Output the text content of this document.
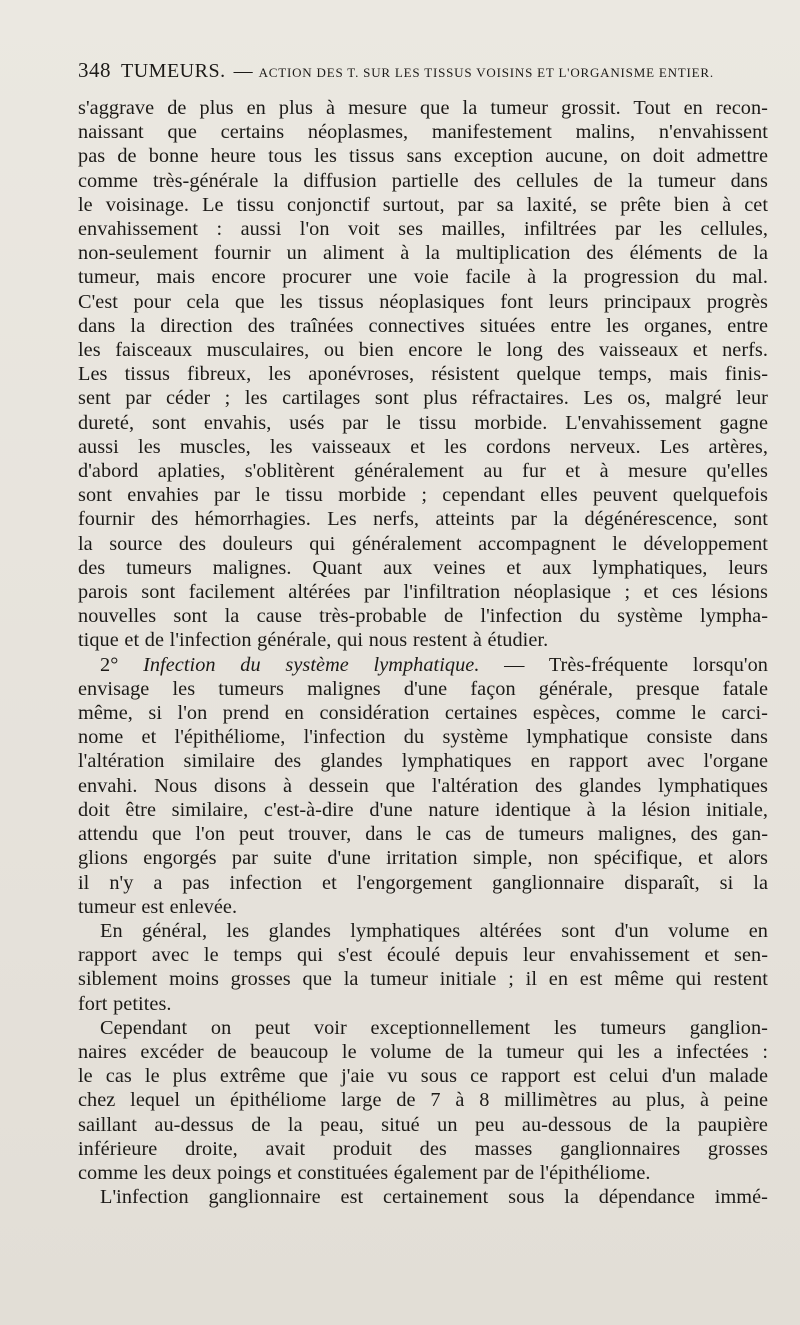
348 TUMEURS. — ACTION DES T. SUR LES TISSUS VOISINS ET L'ORGANISME ENTIER.
s'aggrave de plus en plus à mesure que la tumeur grossit. Tout en recon-
naissant que certains néoplasmes, manifestement malins, n'envahissent
pas de bonne heure tous les tissus sans exception aucune, on doit admettre
comme très-générale la diffusion partielle des cellules de la tumeur dans
le voisinage. Le tissu conjonctif surtout, par sa laxité, se prête bien à cet
envahissement : aussi l'on voit ses mailles, infiltrées par les cellules,
non-seulement fournir un aliment à la multiplication des éléments de la
tumeur, mais encore procurer une voie facile à la progression du mal.
C'est pour cela que les tissus néoplasiques font leurs principaux progrès
dans la direction des traînées connectives situées entre les organes, entre
les faisceaux musculaires, ou bien encore le long des vaisseaux et nerfs.
Les tissus fibreux, les aponévroses, résistent quelque temps, mais finis-
sent par céder ; les cartilages sont plus réfractaires. Les os, malgré leur
dureté, sont envahis, usés par le tissu morbide. L'envahissement gagne
aussi les muscles, les vaisseaux et les cordons nerveux. Les artères,
d'abord aplaties, s'oblitèrent généralement au fur et à mesure qu'elles
sont envahies par le tissu morbide ; cependant elles peuvent quelquefois
fournir des hémorrhagies. Les nerfs, atteints par la dégénérescence, sont
la source des douleurs qui généralement accompagnent le développement
des tumeurs malignes. Quant aux veines et aux lymphatiques, leurs
parois sont facilement altérées par l'infiltration néoplasique ; et ces lésions
nouvelles sont la cause très-probable de l'infection du système lympha-
tique et de l'infection générale, qui nous restent à étudier.
2° Infection du système lymphatique. — Très-fréquente lorsqu'on
envisage les tumeurs malignes d'une façon générale, presque fatale
même, si l'on prend en considération certaines espèces, comme le carci-
nome et l'épithéliome, l'infection du système lymphatique consiste dans
l'altération similaire des glandes lymphatiques en rapport avec l'organe
envahi. Nous disons à dessein que l'altération des glandes lymphatiques
doit être similaire, c'est-à-dire d'une nature identique à la lésion initiale,
attendu que l'on peut trouver, dans le cas de tumeurs malignes, des gan-
glions engorgés par suite d'une irritation simple, non spécifique, et alors
il n'y a pas infection et l'engorgement ganglionnaire disparaît, si la
tumeur est enlevée.
En général, les glandes lymphatiques altérées sont d'un volume en
rapport avec le temps qui s'est écoulé depuis leur envahissement et sen-
siblement moins grosses que la tumeur initiale ; il en est même qui restent
fort petites.
Cependant on peut voir exceptionnellement les tumeurs ganglion-
naires excéder de beaucoup le volume de la tumeur qui les a infectées :
le cas le plus extrême que j'aie vu sous ce rapport est celui d'un malade
chez lequel un épithéliome large de 7 à 8 millimètres au plus, à peine
saillant au-dessus de la peau, situé un peu au-dessous de la paupière
inférieure droite, avait produit des masses ganglionnaires grosses
comme les deux poings et constituées également par de l'épithéliome.
L'infection ganglionnaire est certainement sous la dépendance immé-
